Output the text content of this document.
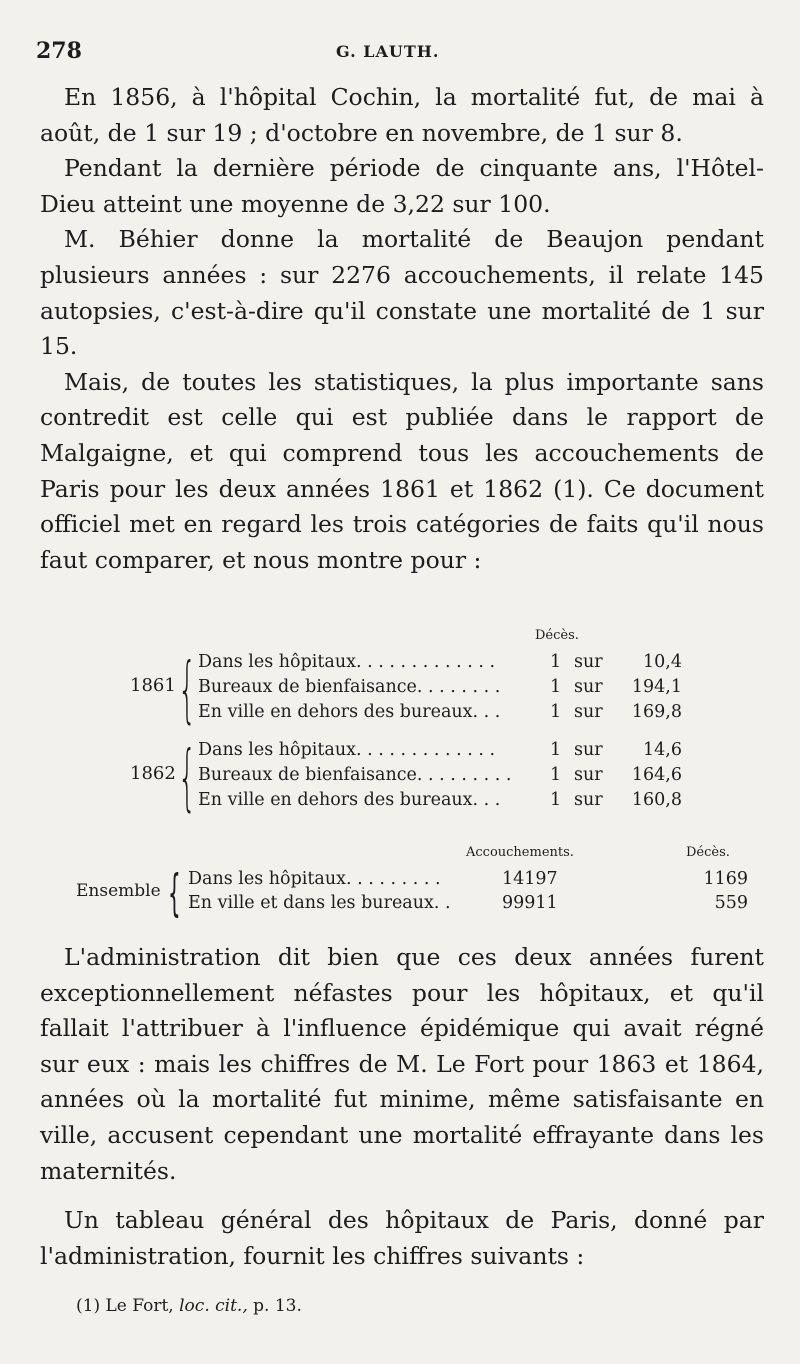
278	G. LAUTH.

En 1856, à l'hôpital Cochin, la mortalité fut, de mai à août, de 1 sur 19 ; d'octobre en novembre, de 1 sur 8.

Pendant la dernière période de cinquante ans, l'Hôtel-Dieu atteint une moyenne de 3,22 sur 100.

M. Béhier donne la mortalité de Beaujon pendant plusieurs années : sur 2276 accouchements, il relate 145 autopsies, c'est-à-dire qu'il constate une mortalité de 1 sur 15.

Mais, de toutes les statistiques, la plus importante sans contredit est celle qui est publiée dans le rapport de Malgaigne, et qui comprend tous les accouchements de Paris pour les deux années 1861 et 1862 (1). Ce document officiel met en regard les trois catégories de faits qu'il nous faut comparer, et nous montre pour :

Décès.
1861 { Dans les hôpitaux. . . . . . . . . . . . .	1 sur 10,4
Bureaux de bienfaisance. . . . . . . .	1 sur 194,1
En ville en dehors des bureaux. . .	1 sur 169,8
1862 { Dans les hôpitaux. . . . . . . . . . . . .	1 sur 14,6
Bureaux de bienfaisance. . . . . . . . . 1 sur 164,6
En ville en dehors des bureaux. . .	1 sur 160,8
Accouchements.	Décès.
Ensemble { Dans les hôpitaux. . . . . . . . .	14197	1169
En ville et dans les bureaux. .	99911	559

L'administration dit bien que ces deux années furent exceptionnellement néfastes pour les hôpitaux, et qu'il fallait l'attribuer à l'influence épidémique qui avait régné sur eux : mais les chiffres de M. Le Fort pour 1863 et 1864, années où la mortalité fut minime, même satisfaisante en ville, accusent cependant une mortalité effrayante dans les maternités.

Un tableau général des hôpitaux de Paris, donné par l'administration, fournit les chiffres suivants :

(1) Le Fort, loc. cit., p. 13.
